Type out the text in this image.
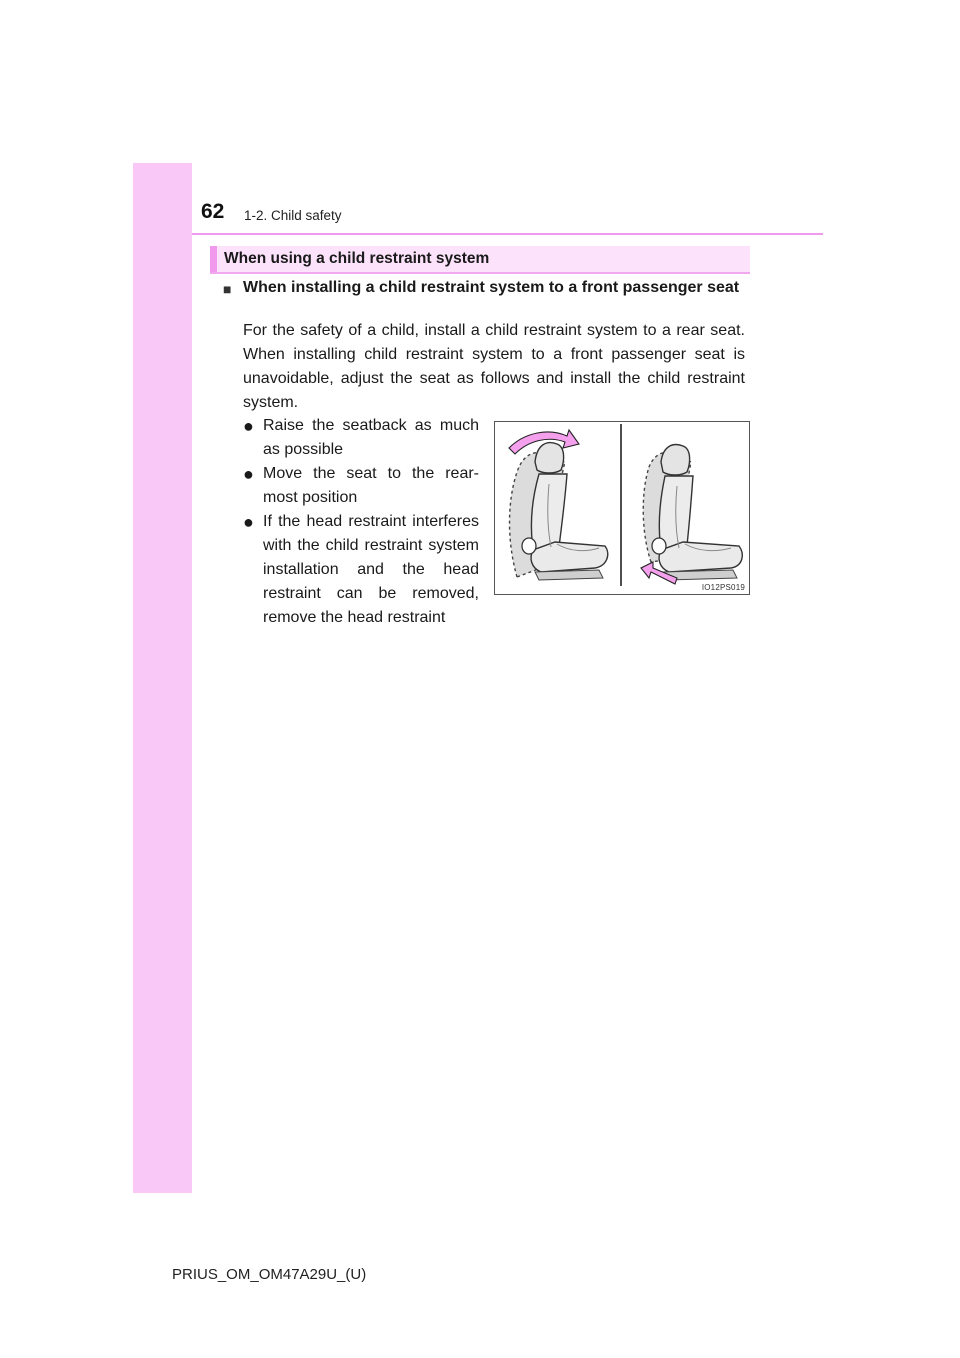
62 1-2. Child safety
When using a child restraint system
■ When installing a child restraint system to a front passenger seat
For the safety of a child, install a child restraint system to a rear seat. When installing child restraint system to a front passenger seat is unavoidable, adjust the seat as follows and install the child restraint system.
● Raise the seatback as much as possible
● Move the seat to the rear-most position
● If the head restraint interferes with the child restraint system installation and the head restraint can be removed, remove the head restraint
IO12PS019
PRIUS_OM_OM47A29U_(U)
